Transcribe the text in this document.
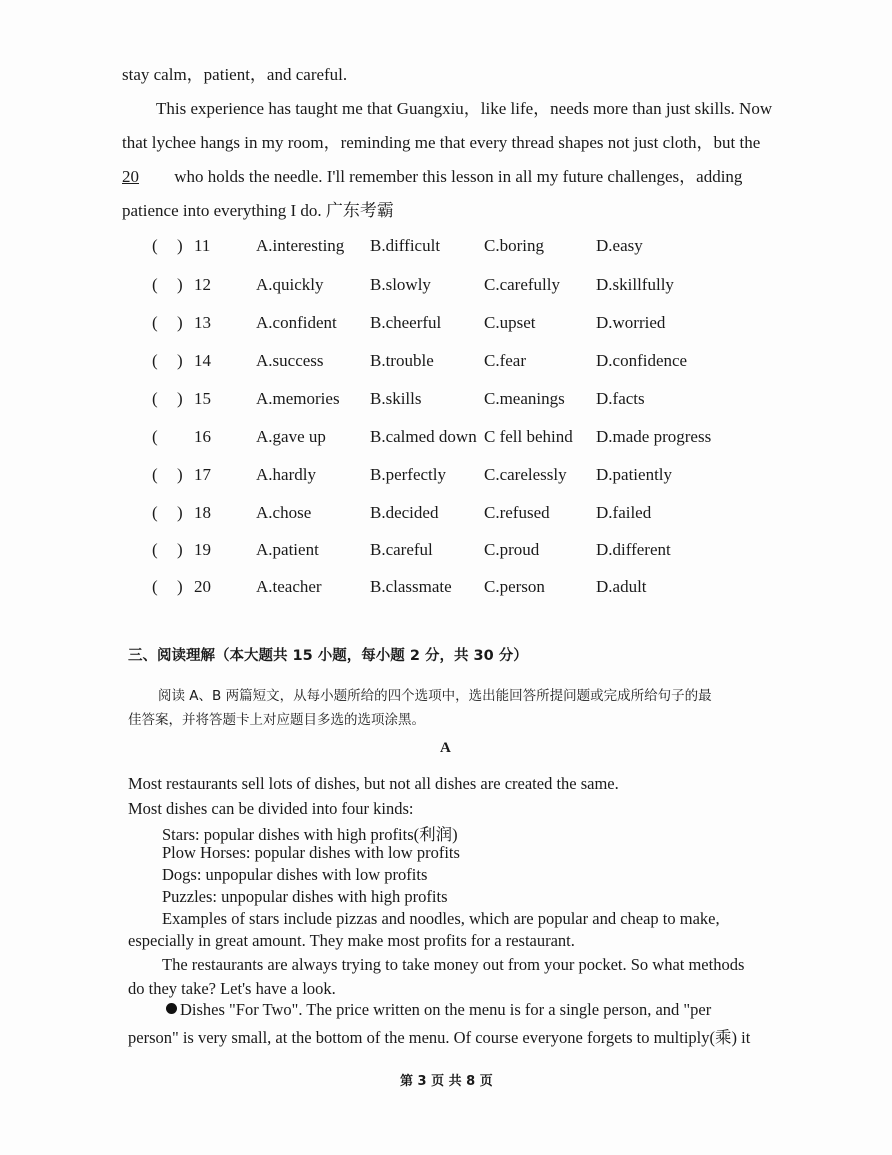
stay calm，patient，and careful.
This experience has taught me that Guangxiu，like life，needs more than just skills. Now
that lychee hangs in my room，reminding me that every thread shapes not just cloth，but the
20 who holds the needle. I'll remember this lesson in all my future challenges，adding
patience into everything I do. 广东考霸
( ) 11	A.interesting B.difficult	C.boring	D.easy
( ) 12	A.quickly	B.slowly	C.carefully D.skillfully
( ) 13	A.confident B.cheerful	C.upset	D.worried
( ) 14	A.success	B.trouble	C.fear	D.confidence
( ) 15	A.memories B.skills	C.meanings D.facts
( 16	A.gave up	B.calmed down C fell behind D.made progress
( ) 17	A.hardly	B.perfectly C.carelessly D.patiently
( ) 18	A.chose	B.decided	C.refused	D.failed
( ) 19	A.patient	B.careful	C.proud	D.different
( ) 20	A.teacher	B.classmate C.person	D.adult
三、阅读理解（本大题共 15 小题，每小题 2 分，共 30 分）
阅读 A、B 两篇短文，从每小题所给的四个选项中，选出能回答所提问题或完成所给句子的最
佳答案，并将答题卡上对应题目多选的选项涂黑。
A
Most restaurants sell lots of dishes, but not all dishes are created the same.
Most dishes can be divided into four kinds:
Stars: popular dishes with high profits(利润)
Plow Horses: popular dishes with low profits
Dogs: unpopular dishes with low profits
Puzzles: unpopular dishes with high profits
Examples of stars include pizzas and noodles, which are popular and cheap to make,
especially in great amount. They make most profits for a restaurant.
The restaurants are always trying to take money out from your pocket. So what methods
do they take? Let's have a look.
Dishes "For Two". The price written on the menu is for a single person, and "per
person" is very small, at the bottom of the menu. Of course everyone forgets to multiply(乘) it
第 3 页 共 8 页
